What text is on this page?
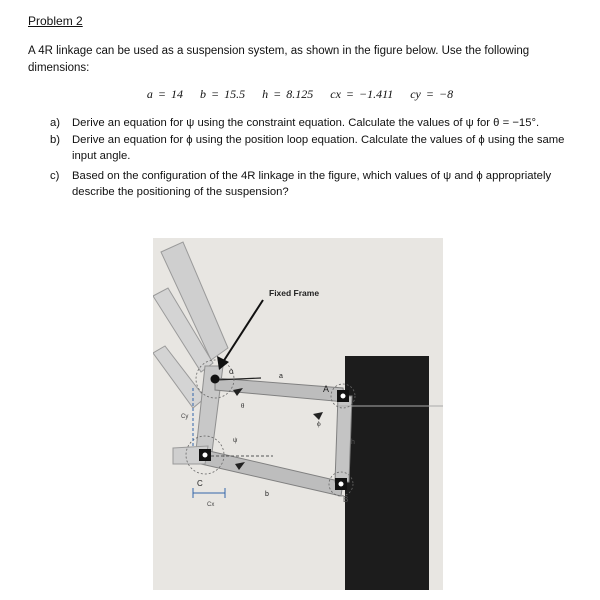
Problem 2
A 4R linkage can be used as a suspension system, as shown in the figure below. Use the following dimensions:
a = 14 b = 15.5 h = 8.125 cx = −1.411 cy = −8
a) Derive an equation for ψ using the constraint equation. Calculate the values of ψ for θ = −15°.
b) Derive an equation for ϕ using the position loop equation. Calculate the values of ϕ using the same input angle.
c) Based on the configuration of the 4R linkage in the figure, which values of ψ and ϕ appropriately describe the positioning of the suspension?
Fixed Frame
o
a
θ
ψ
ϕ
A
h
B
C
b
Cy
Cx
